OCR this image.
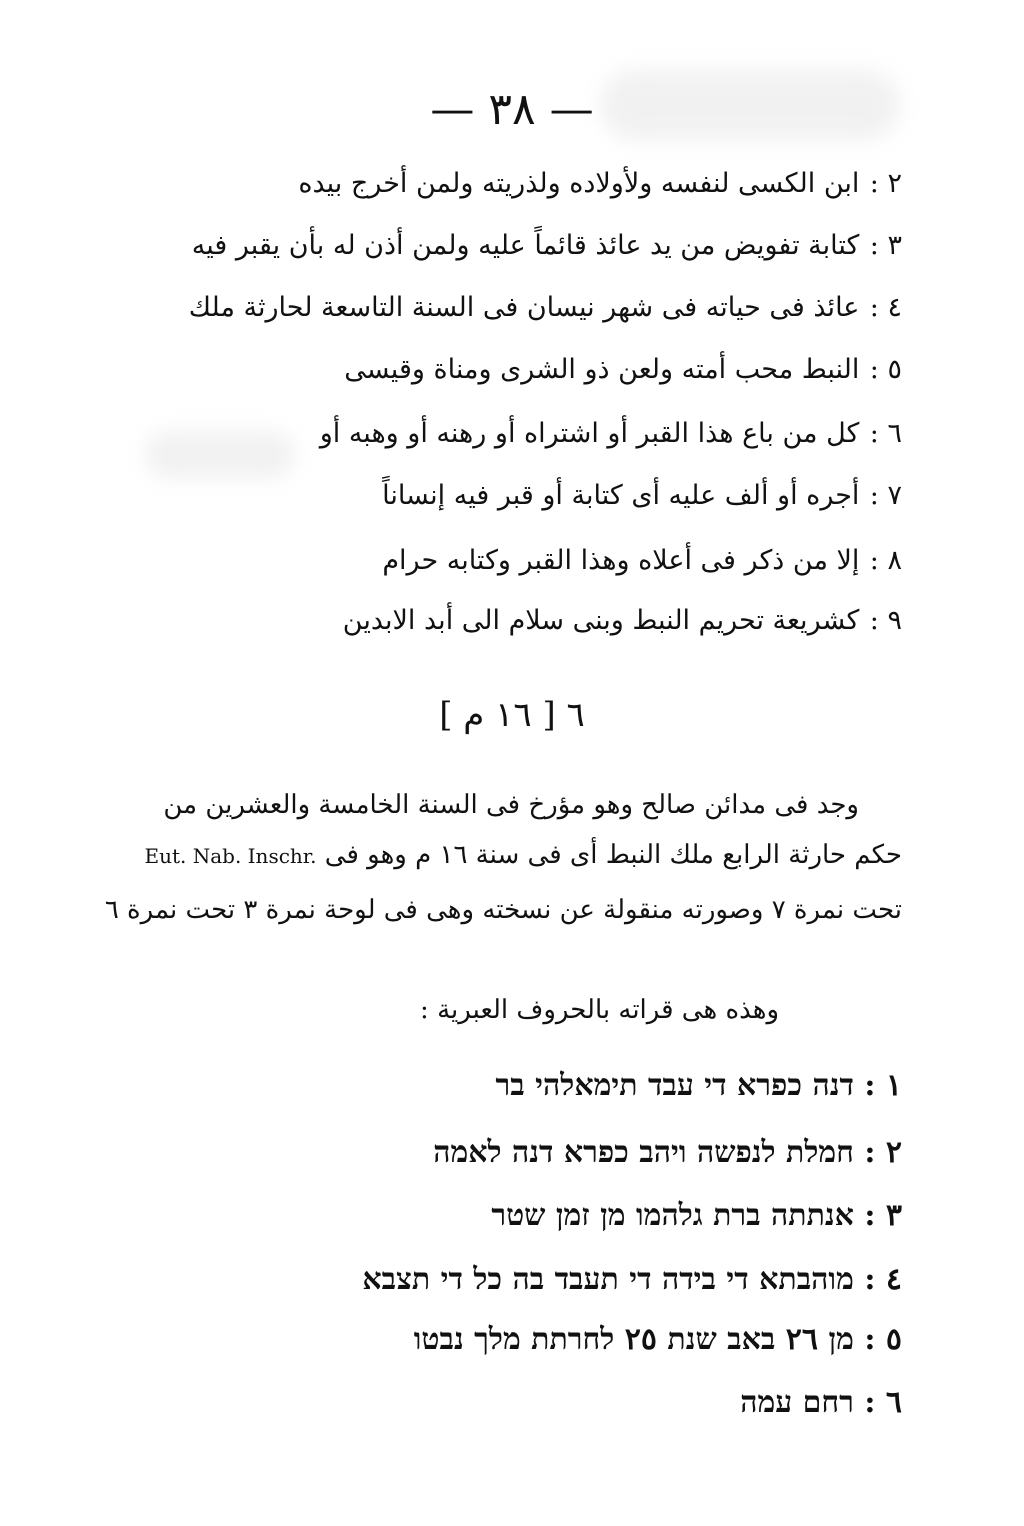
— ٣٨ —
٢ : ابن الكسى لنفسه ولأولاده ولذريته ولمن أخرج بيده
٣ : كتابة تفويض من يد عائذ قائماً عليه ولمن أذن له بأن يقبر فيه
٤ : عائذ فى حياته فى شهر نيسان فى السنة التاسعة لحارثة ملك
٥ : النبط محب أمته ولعن ذو الشرى ومناة وقيسى
٦ : كل من باع هذا القبر أو اشتراه أو رهنه أو وهبه أو
٧ : أجره أو ألف عليه أى كتابة أو قبر فيه إنساناً
٨ : إلا من ذكر فى أعلاه وهذا القبر وكتابه حرام
٩ : كشريعة تحريم النبط وبنى سلام الى أبد الابدين
٦ [ ١٦ م ]
وجد فى مدائن صالح وهو مؤرخ فى السنة الخامسة والعشرين من
حكم حارثة الرابع ملك النبط أى فى سنة ١٦ م وهو فى Eut. Nab. Inschr.
تحت نمرة ٧ وصورته منقولة عن نسخته وهى فى لوحة نمرة ٣ تحت نمرة ٦
وهذه هى قراته بالحروف العبرية :
١ : דנה כפרא די עבד תימאלהי בר
٢ : חמלת לנפשה ויהב כפרא דנה לאמה
٣ : אנתתה ברת גלהמו מן זמן שטר
٤ : מוהבתא די בידה די תעבד בה כל די תצבא
٥ : מן ٢٦ באב שנת ٢٥ לחרתת מלך נבטו
٦ : רחם עמה
